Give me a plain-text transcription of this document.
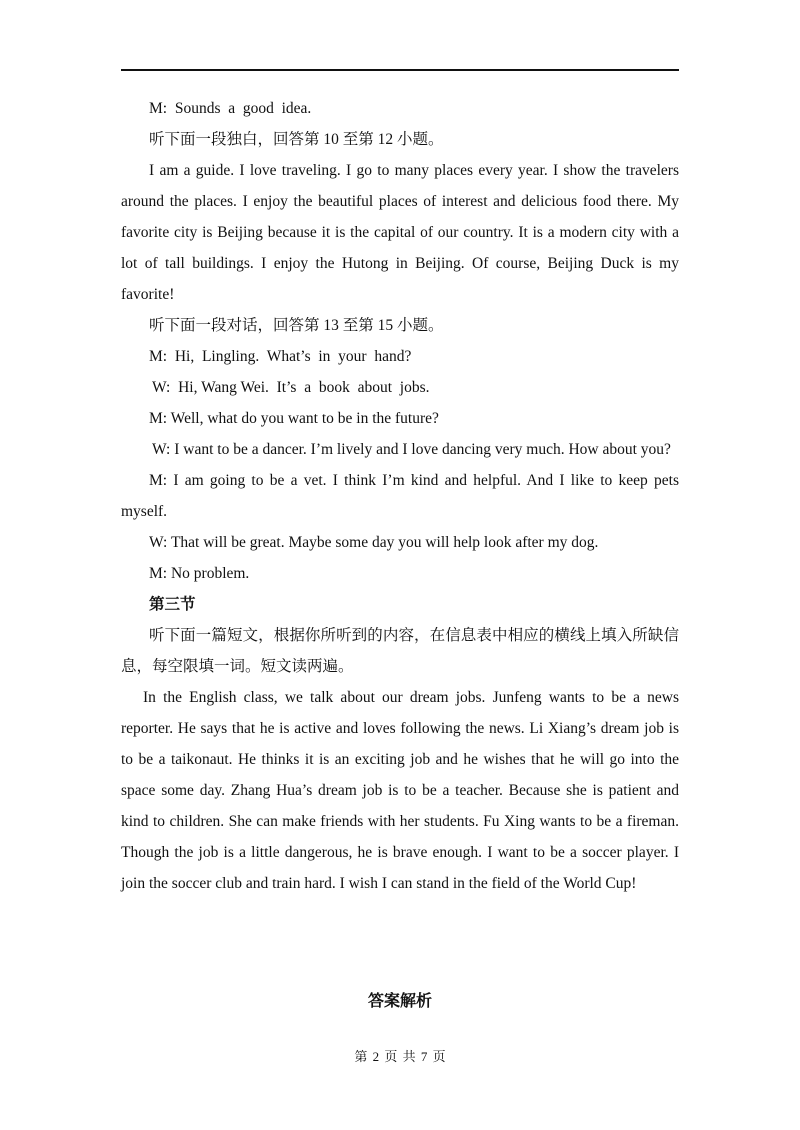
M:  Sounds  a  good  idea.

听下面一段独白，回答第 10 至第 12 小题。

I am a guide. I love traveling. I go to many places every year. I show the travelers around the places. I enjoy the beautiful places of interest and delicious food there. My favorite city is Beijing because it is the capital of our country. It is a modern city with a lot of tall buildings. I enjoy the Hutong in Beijing. Of course, Beijing Duck is my favorite!

听下面一段对话，回答第 13 至第 15 小题。

M:  Hi,  Lingling.  What’s  in  your  hand?

W:  Hi, Wang Wei.  It’s  a  book  about  jobs.

M: Well, what do you want to be in the future?

W: I want to be a dancer. I’m lively and I love dancing very much. How about you?

M: I am going to be a vet. I think I’m kind and helpful. And I like to keep pets myself.

W: That will be great. Maybe some day you will help look after my dog.

M: No problem.

第三节

听下面一篇短文，根据你所听到的内容，在信息表中相应的横线上填入所缺信息，每空限填一词。短文读两遍。

In the English class, we talk about our dream jobs. Junfeng wants to be a news reporter. He says that he is active and loves following the news. Li Xiang’s dream job is to be a taikonaut. He thinks it is an exciting job and he wishes that he will go into the space some day. Zhang Hua’s dream job is to be a teacher. Because she is patient and kind to children. She can make friends with her students. Fu Xing wants to be a fireman. Though the job is a little dangerous, he is brave enough. I want to be a soccer player. I join the soccer club and train hard. I wish I can stand in the field of the World Cup!

答案解析
第 2 页 共 7 页
